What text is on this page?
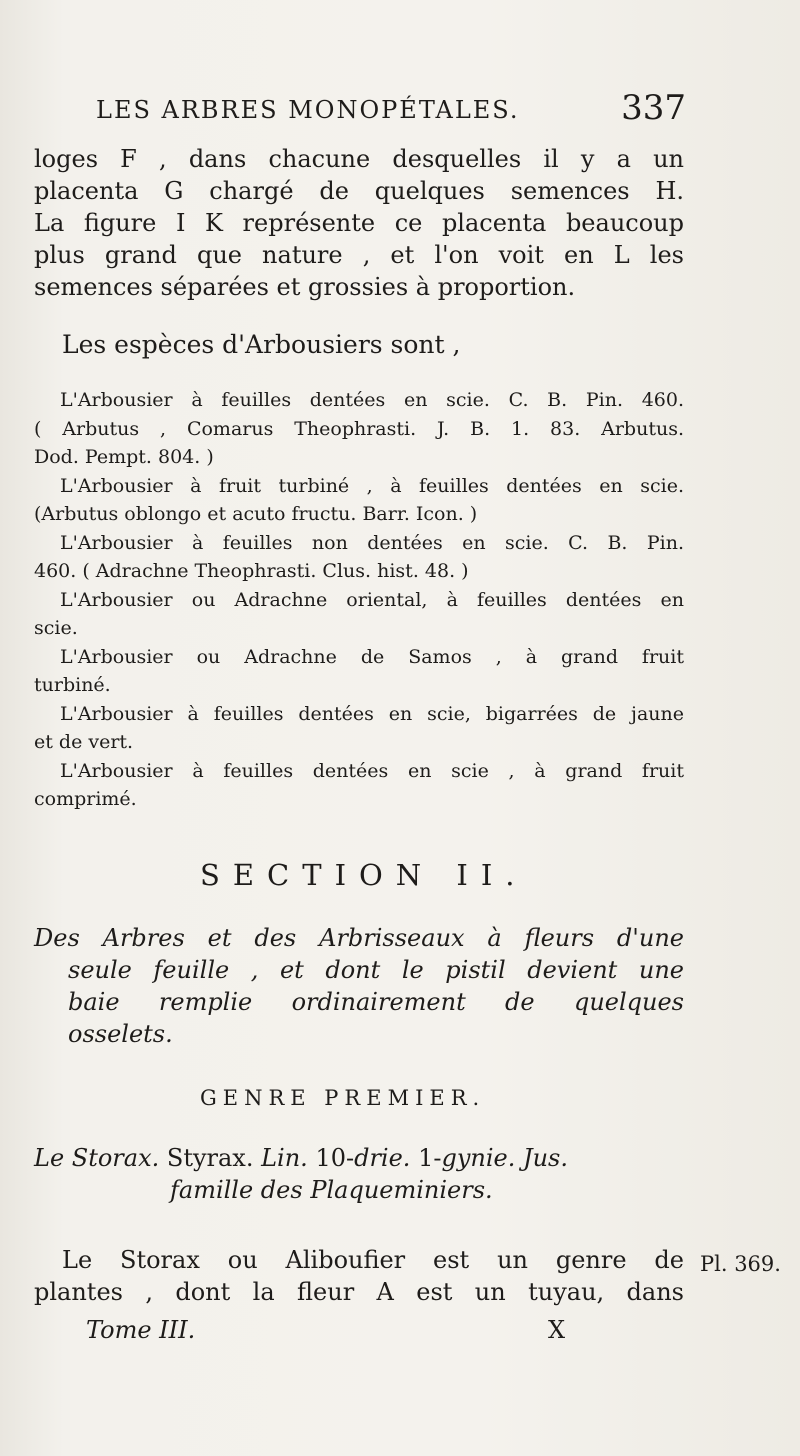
LES ARBRES MONOPÉTALES.	337
loges F , dans chacune desquelles il y a un
placenta G chargé de quelques semences H.
La figure I K représente ce placenta beaucoup
plus grand que nature , et l'on voit en L les
semences séparées et grossies à proportion.
Les espèces d'Arbousiers sont ,
L'Arbousier à feuilles dentées en scie. C. B. Pin. 460.
( Arbutus , Comarus Theophrasti. J. B. 1. 83. Arbutus.
Dod. Pempt. 804. )
L'Arbousier à fruit turbiné , à feuilles dentées en scie.
(Arbutus oblongo et acuto fructu. Barr. Icon. )
L'Arbousier à feuilles non dentées en scie. C. B. Pin.
460. ( Adrachne Theophrasti. Clus. hist. 48. )
L'Arbousier ou Adrachne oriental, à feuilles dentées en
scie.
L'Arbousier ou Adrachne de Samos , à grand fruit
turbiné.
L'Arbousier à feuilles dentées en scie, bigarrées de jaune
et de vert.
L'Arbousier à feuilles dentées en scie , à grand fruit
comprimé.
SECTION II.
Des Arbres et des Arbrisseaux à fleurs d'une
seule feuille , et dont le pistil devient une
baie remplie ordinairement de quelques
osselets.
GENRE PREMIER.
Le Storax. Styrax. Lin. 10-drie. 1-gynie. Jus.
famille des Plaqueminiers.
Le Storax ou Aliboufier est un genre de
plantes , dont la fleur A est un tuyau, dans
Pl. 369.
Tome III.	X
